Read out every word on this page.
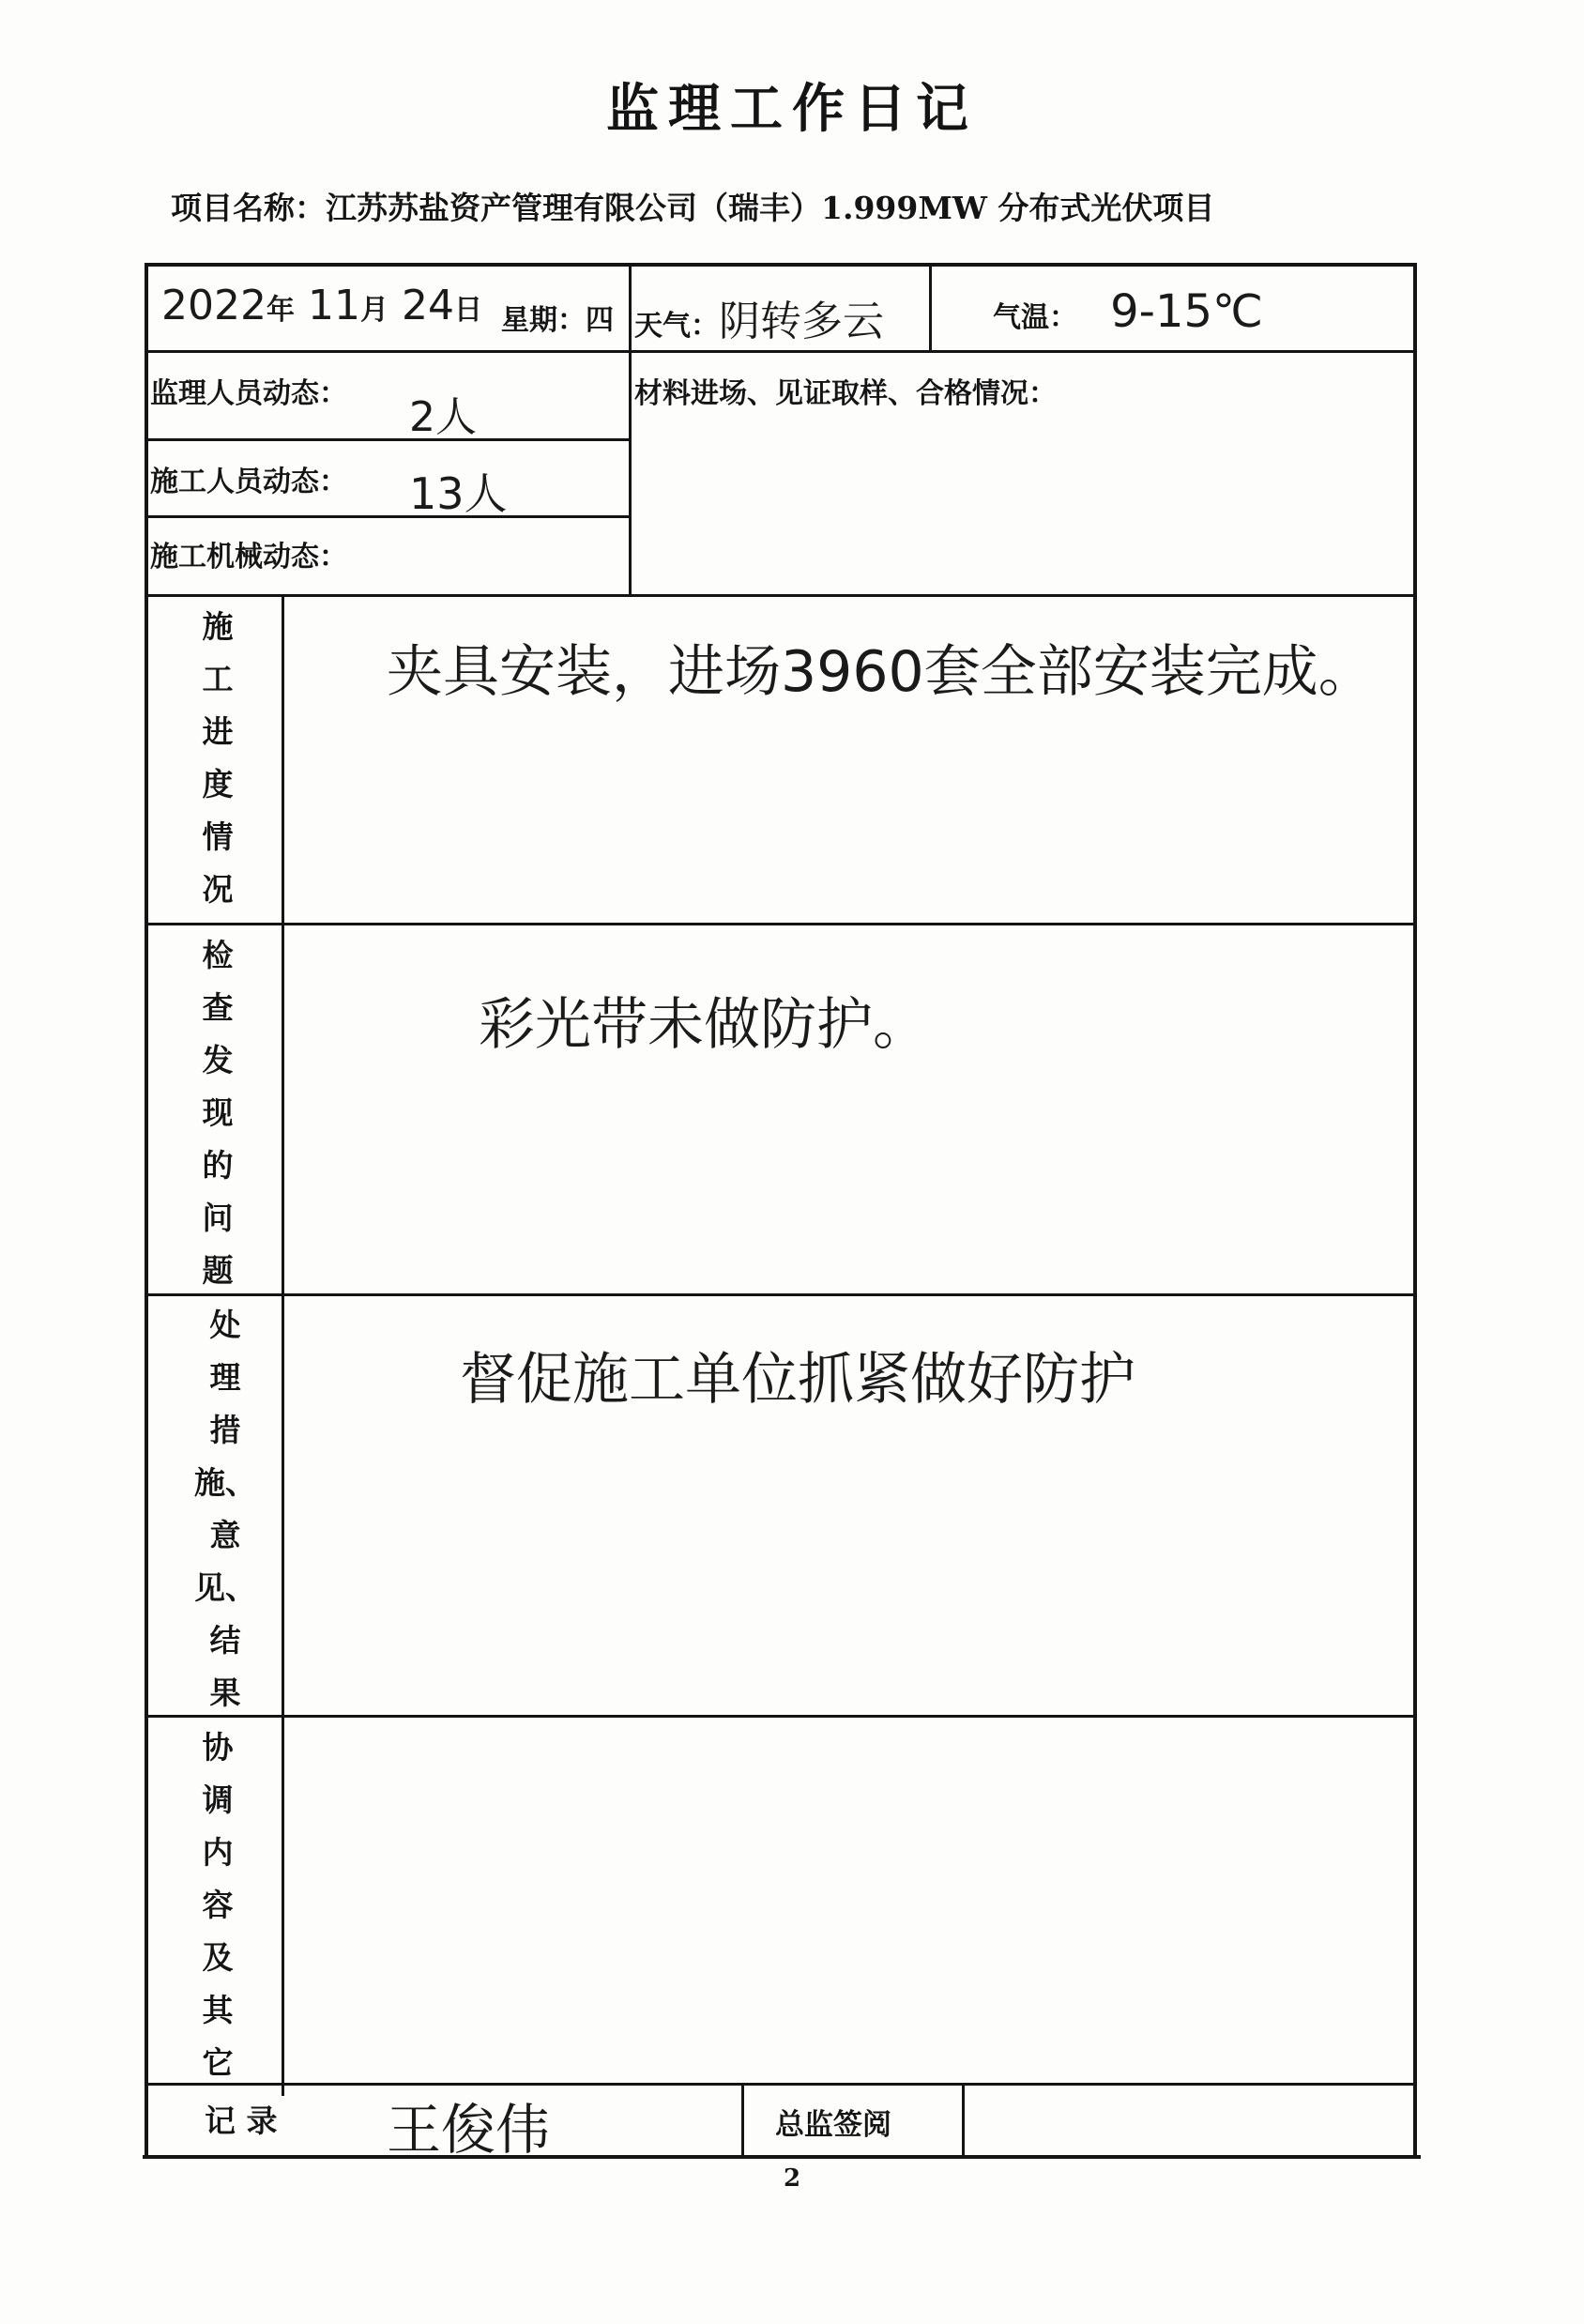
监理工作日记
项目名称：江苏苏盐资产管理有限公司（瑞丰）1.999MW 分布式光伏项目
2022年 11月 24日 星期：四 天气：阴转多云	气温： 9-15℃
监理人员动态： 2人
施工人员动态： 13人
施工机械动态：
材料进场、见证取样、合格情况：
施
工
进
度
情
况
夹具安装，进场3960套全部安装完成。
检
查
发
现
的
问
题
彩光带未做防护。
处
理
措
施、
意
见、
结
果
督促施工单位抓紧做好防护
协
调
内
容
及
其
它
记 录 王俊伟	总监签阅
2
